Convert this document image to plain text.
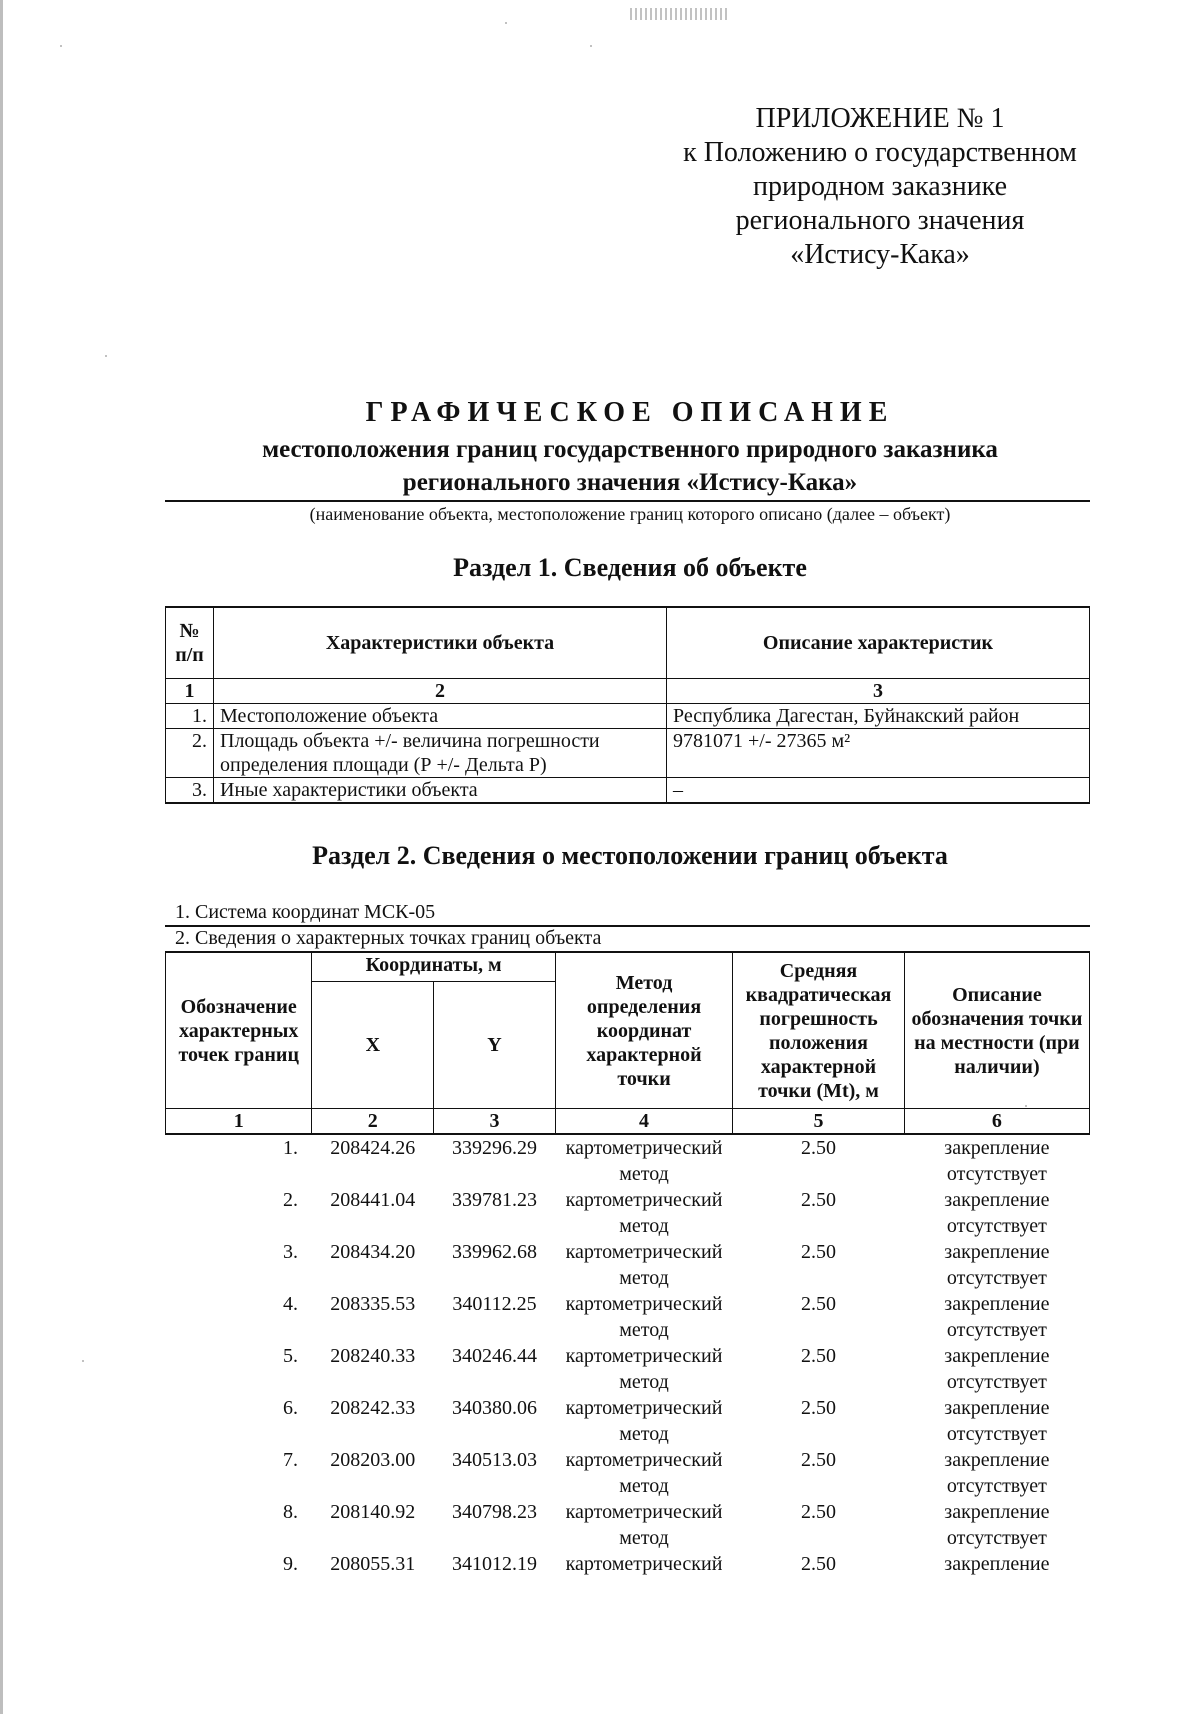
ПРИЛОЖЕНИЕ № 1
к Положению о государственном
природном заказнике
регионального значения
«Истису-Кака»
ГРАФИЧЕСКОЕ ОПИСАНИЕ
местоположения границ государственного природного заказника
регионального значения «Истису-Кака»
(наименование объекта, местоположение границ которого описано (далее – объект)
Раздел 1. Сведения об объекте
№ п/п	Характеристики объекта	Описание характеристик
1	2	3
1.	Местоположение объекта	Республика Дагестан, Буйнакский район
2.	Площадь объекта +/- величина погрешности определения площади (Р +/- Дельта Р)	9781071 +/- 27365 м²
3.	Иные характеристики объекта	–
Раздел 2. Сведения о местоположении границ объекта
1. Система координат МСК-05
2. Сведения о характерных точках границ объекта
Обозначение характерных точек границ	Координаты, м		Метод определения координат характерной точки	Средняя квадратическая погрешность положения характерной точки (Mt), м	Описание обозначения точки на местности (при наличии)
	X	Y			
1	2	3	4	5	6
1.	208424.26	339296.29	картометрический метод	2.50	закрепление отсутствует
2.	208441.04	339781.23	картометрический метод	2.50	закрепление отсутствует
3.	208434.20	339962.68	картометрический метод	2.50	закрепление отсутствует
4.	208335.53	340112.25	картометрический метод	2.50	закрепление отсутствует
5.	208240.33	340246.44	картометрический метод	2.50	закрепление отсутствует
6.	208242.33	340380.06	картометрический метод	2.50	закрепление отсутствует
7.	208203.00	340513.03	картометрический метод	2.50	закрепление отсутствует
8.	208140.92	340798.23	картометрический метод	2.50	закрепление отсутствует
9.	208055.31	341012.19	картометрический	2.50	закрепление
